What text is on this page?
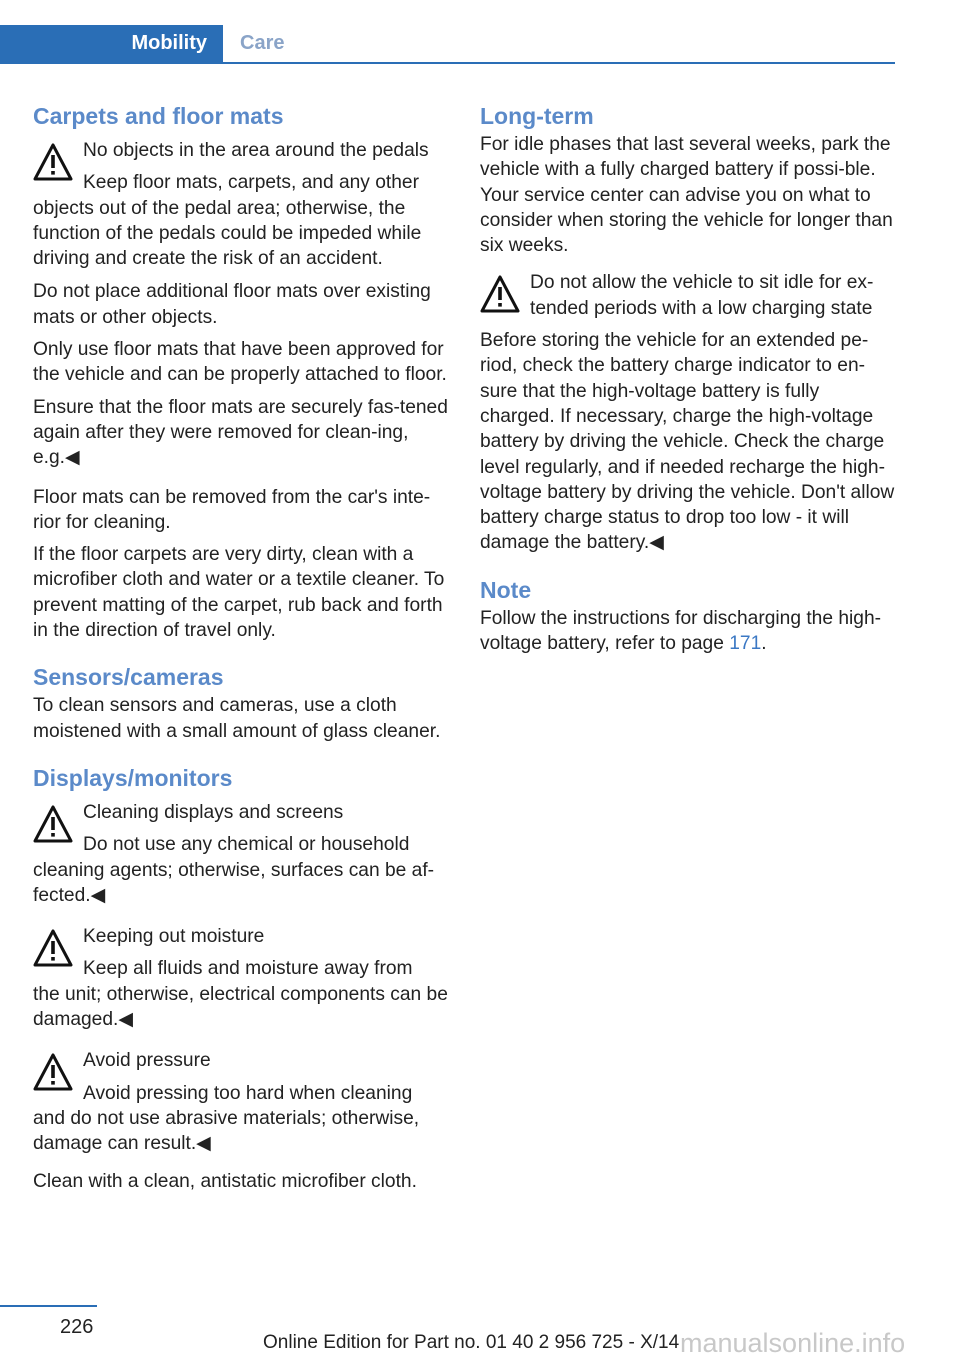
Mobility	Care
Carpets and floor mats
No objects in the area around the pedals
Keep floor mats, carpets, and any other

objects out of the pedal area; otherwise, the function of the pedals could be impeded while driving and create the risk of an accident.

Do not place additional floor mats over existing mats or other objects.

Only use floor mats that have been approved for the vehicle and can be properly attached to floor.

Ensure that the floor mats are securely fas‐tened again after they were removed for clean‐ing, e.g.◀

Floor mats can be removed from the car's inte‐rior for cleaning.

If the floor carpets are very dirty, clean with a microfiber cloth and water or a textile cleaner. To prevent matting of the carpet, rub back and forth in the direction of travel only.

Sensors/cameras

To clean sensors and cameras, use a cloth moistened with a small amount of glass cleaner.

Displays/monitors
Cleaning displays and screens
Do not use any chemical or household

cleaning agents; otherwise, surfaces can be af‐fected.◀

Keeping out moisture
Keep all fluids and moisture away from

the unit; otherwise, electrical components can be damaged.◀

Avoid pressure
Avoid pressing too hard when cleaning

and do not use abrasive materials; otherwise, damage can result.◀

Clean with a clean, antistatic microfiber cloth.

Long-term

For idle phases that last several weeks, park the vehicle with a fully charged battery if possi‐ble. Your service center can advise you on what to consider when storing the vehicle for longer than six weeks.

Do not allow the vehicle to sit idle for ex‐tended periods with a low charging state

Before storing the vehicle for an extended pe‐riod, check the battery charge indicator to en‐sure that the high-voltage battery is fully charged. If necessary, charge the high-voltage battery by driving the vehicle. Check the charge level regularly, and if needed recharge the high-voltage battery by driving the vehicle. Don't allow battery charge status to drop too low - it will damage the battery.◀

Note

Follow the instructions for discharging the high-voltage battery, refer to page 171.

226
Online Edition for Part no. 01 40 2 956 725 - X/14 manualsonline.info
